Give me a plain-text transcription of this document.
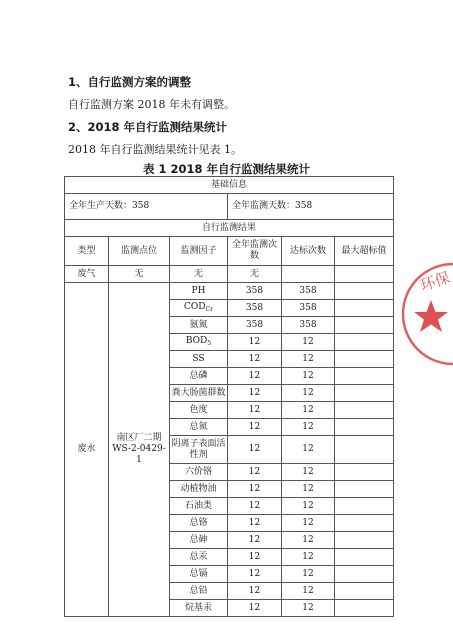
1、自行监测方案的调整
自行监测方案 2018 年未有调整。
2、2018 年自行监测结果统计
2018 年自行监测结果统计见表 1。
表 1 2018 年自行监测结果统计
基础信息					
全年生产天数：358			全年监测天数：358		
自行监测结果					
类型	监测点位	监测因子	全年监测次数	达标次数	最大超标值
废气	无	无	无		
废水	南区厂二期 WS-2-0429-1	PH	358	358	
		$COD_{Cr}$	358	358	
		氨氮	358	358	
		$BOD_5$	12	12	
		SS	12	12	
		总磷	12	12	
		粪大肠菌群数	12	12	
		色度	12	12	
		总氮	12	12	
		阴离子表面活性剂	12	12	
		六价铬	12	12	
		动植物油	12	12	
		石油类	12	12	
		总铬	12	12	
		总砷	12	12	
		总汞	12	12	
		总镉	12	12	
		总铅	12	12	
		烷基汞	12	12	
环保
